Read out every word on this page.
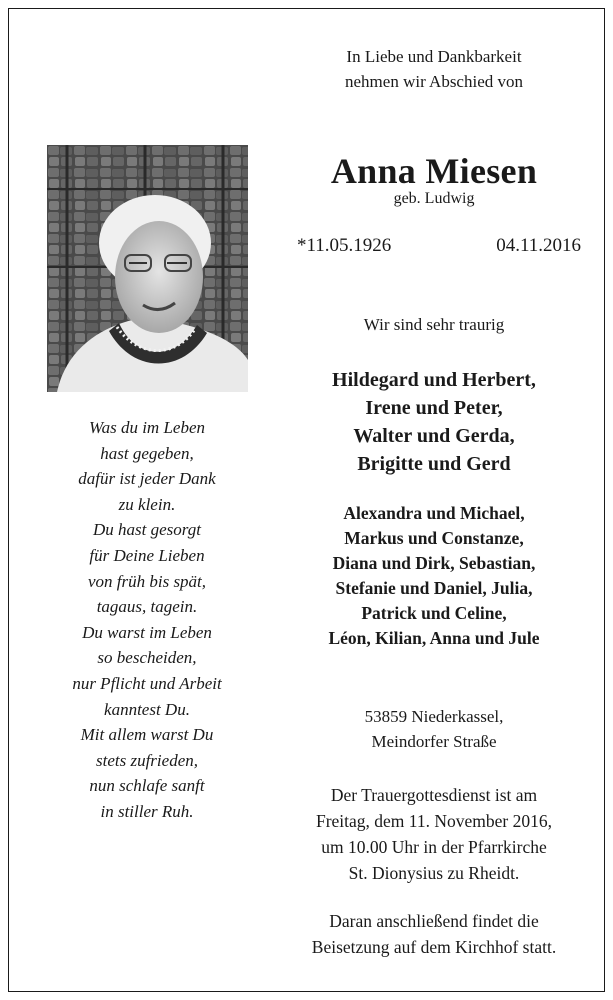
In Liebe und Dankbarkeit
nehmen wir Abschied von
Anna Miesen
geb. Ludwig
*11.05.1926	04.11.2016
Wir sind sehr traurig
Hildegard und Herbert,
Irene und Peter,
Walter und Gerda,
Brigitte und Gerd
Alexandra und Michael,
Markus und Constanze,
Diana und Dirk, Sebastian,
Stefanie und Daniel, Julia,
Patrick und Celine,
Léon, Kilian, Anna und Jule
53859 Niederkassel,
Meindorfer Straße
Der Trauergottesdienst ist am
Freitag, dem 11. November 2016,
um 10.00 Uhr in der Pfarrkirche
St. Dionysius zu Rheidt.
Daran anschließend findet die
Beisetzung auf dem Kirchhof statt.
Was du im Leben
hast gegeben,
dafür ist jeder Dank
zu klein.
Du hast gesorgt
für Deine Lieben
von früh bis spät,
tagaus, tagein.
Du warst im Leben
so bescheiden,
nur Pflicht und Arbeit
kanntest Du.
Mit allem warst Du
stets zufrieden,
nun schlafe sanft
in stiller Ruh.
